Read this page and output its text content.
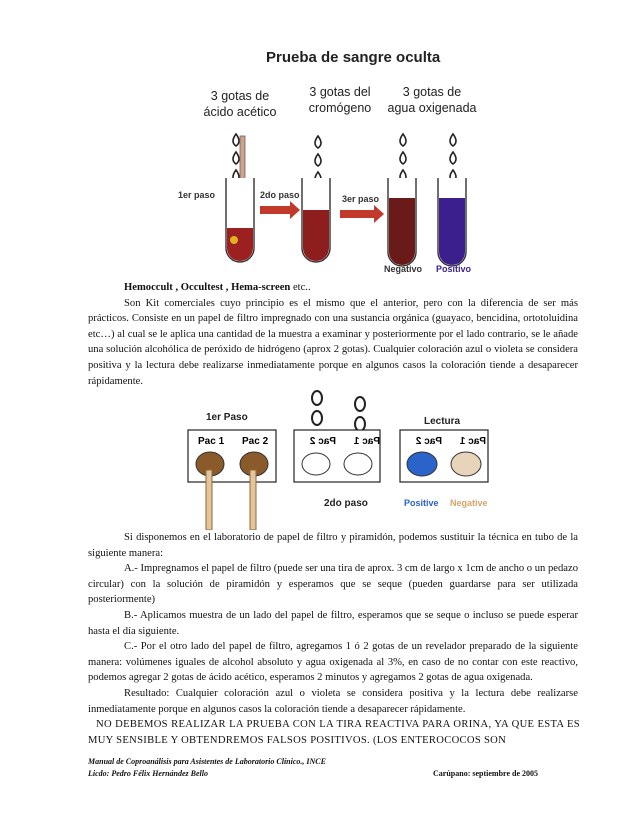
Prueba de sangre oculta
3 gotas de
ácido acético
3 gotas del
cromógeno
3 gotas de
agua oxigenada
1er paso	2do paso	3er paso
Negativo Positivo
Hemoccult , Occultest , Hema-screen etc..
Son Kit comerciales cuyo principio es el mismo que el anterior, pero con la diferencia de ser más prácticos. Consiste en un papel de filtro impregnado con una sustancia orgánica (guayaco, bencidina, ortotoluidina etc…) al cual se le aplica una cantidad de la muestra a examinar y posteriormente por el lado contrario, se le añade una solución alcohólica de peróxido de hidrógeno (aprox 2 gotas). Cualquier coloración azul o violeta se considera positiva y la lectura debe realizarse inmediatamente porque en algunos casos la coloración tiende a desaparecer rápidamente.
1er Paso
2do paso
Lectura
Pac 1 Pac 2	Pac 2 Pac 1	Pac 2 Pac 1
Positive Negative
Si disponemos en el laboratorio de papel de filtro y piramidón, podemos sustituir la técnica en tubo de la siguiente manera:
A.- Impregnamos el papel de filtro (puede ser una tira de aprox. 3 cm de largo x 1cm de ancho o un pedazo circular) con la solución de piramidón y esperamos que se seque (pueden guardarse para ser utilizada posteriormente)
B.- Aplicamos muestra de un lado del papel de filtro, esperamos que se seque o incluso se puede esperar hasta el día siguiente.
C.- Por el otro lado del papel de filtro, agregamos 1 ó 2 gotas de un revelador preparado de la siguiente manera: volúmenes iguales de alcohol absoluto y agua oxigenada al 3%, en caso de no contar con este reactivo, podemos agregar 2 gotas de ácido acético, esperamos 2 minutos y agregamos 2 gotas de agua oxigenada.
Resultado: Cualquier coloración azul o violeta se considera positiva y la lectura debe realizarse inmediatamente porque en algunos casos la coloración tiende a desaparecer rápidamente.
NO DEBEMOS REALIZAR LA PRUEBA CON LA TIRA REACTIVA PARA ORINA, YA QUE ESTA ES MUY SENSIBLE Y OBTENDREMOS FALSOS POSITIVOS. (LOS ENTEROCOCOS SON
Manual de Coproanálisis para Asistentes de Laboratorio Clínico., INCE
Licdo: Pedro Félix Hernández Bello	Carúpano: septiembre de 2005
